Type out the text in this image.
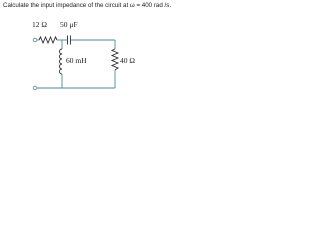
Calculate the input impedance of the circuit at ω = 400 rad /s.
12 Ω 50 μF
60 mH	40 Ω
